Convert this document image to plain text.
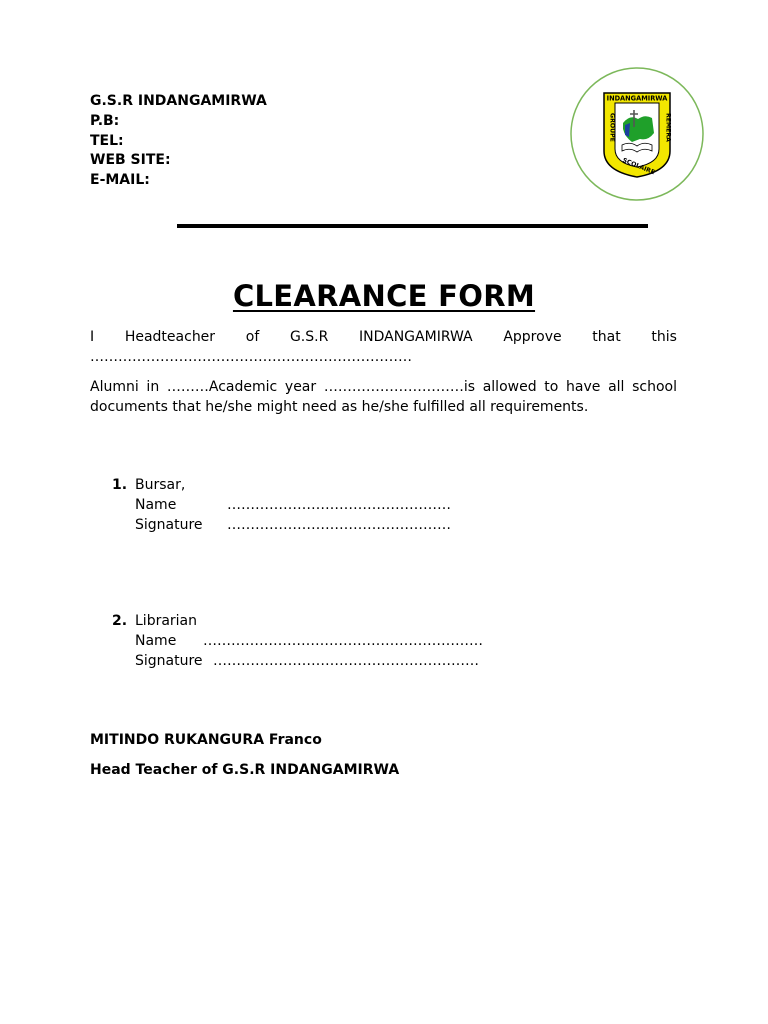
G.S.R INDANGAMIRWA
P.B:
TEL:
WEB SITE:
E-MAIL:
INDANGAMIRWA
GROUPE	REMERA
SCOLAIRE
CLEARANCE FORM
I Headteacher of G.S.R INDANGAMIRWA Approve that this
……………………………………………………………
Alumni in ………Academic year …………………………is allowed to have all school documents that he/she might need as he/she fulfilled all requirements.
1. Bursar,
Name	…………………………………………
Signature …………………………………………
2. Librarian
Name ……………………………………………………
Signature …………………………………………………
MITINDO RUKANGURA Franco
Head Teacher of G.S.R INDANGAMIRWA
